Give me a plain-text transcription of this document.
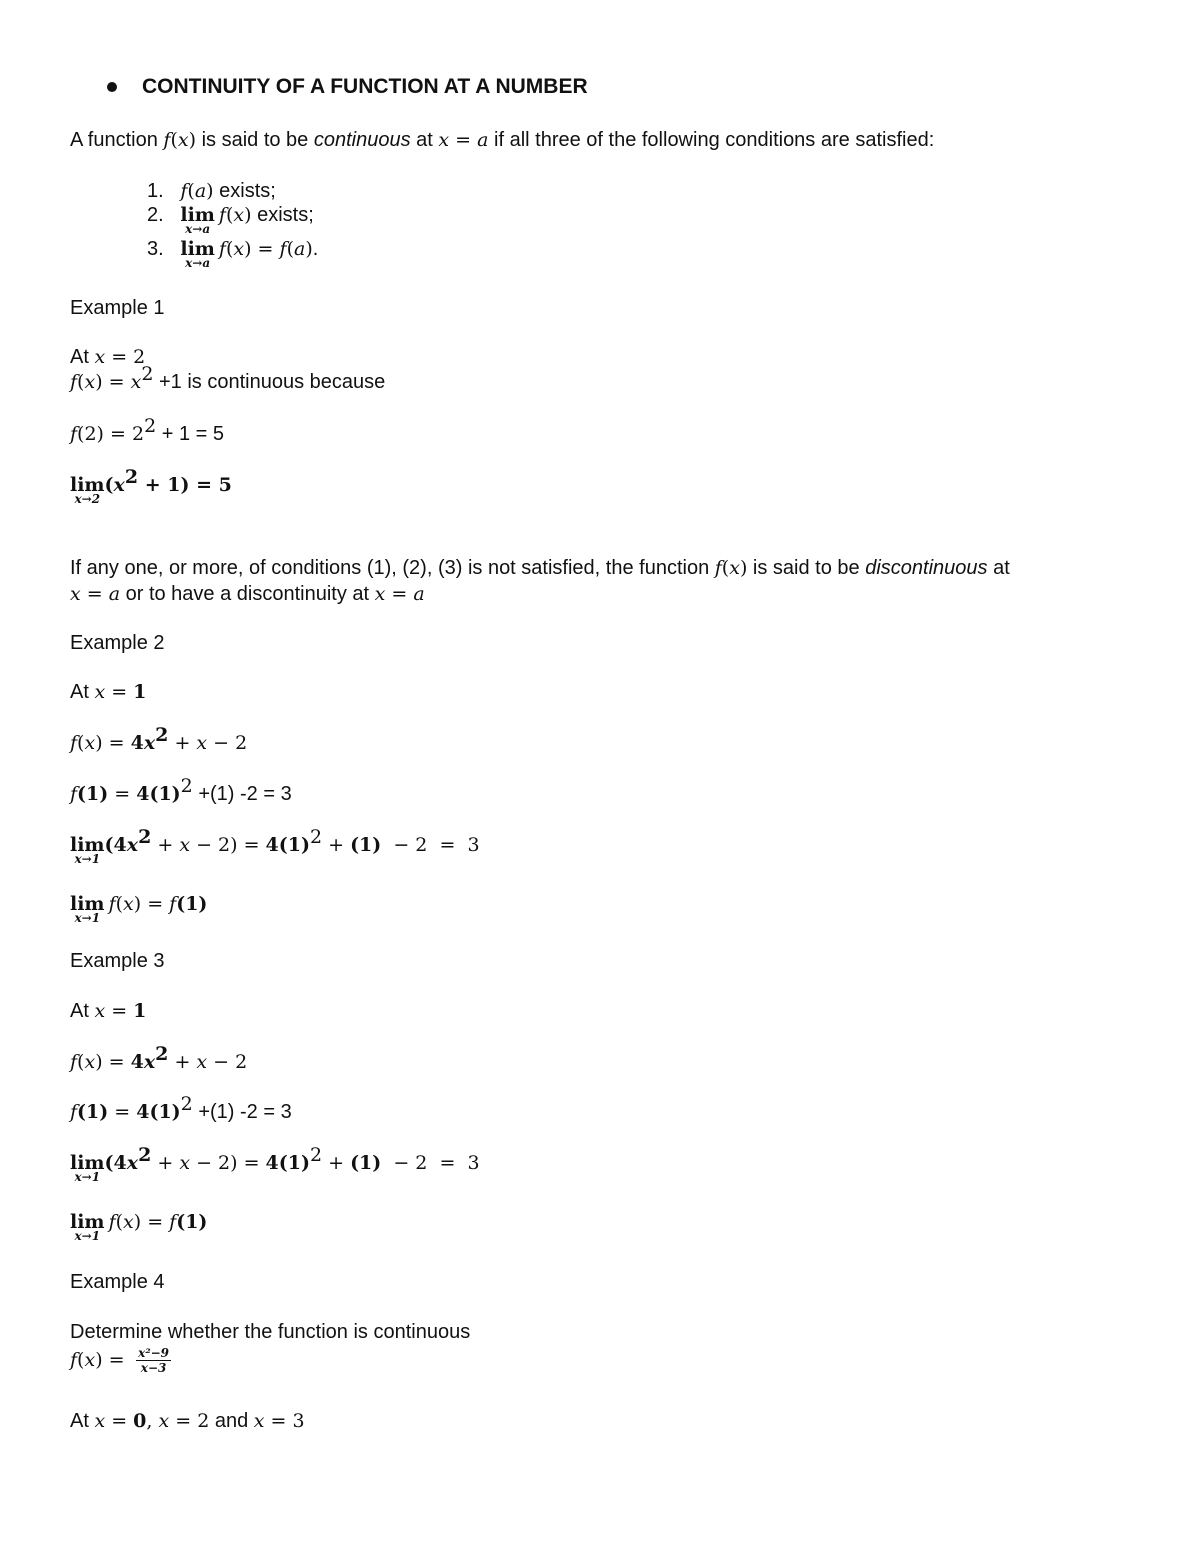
CONTINUITY OF A FUNCTION AT A NUMBER
A function f(x) is said to be continuous at x = a if all three of the following conditions are satisfied:
1. f(a) exists;
2. lim
x→a
 f(x) exists;
3. lim
x→a
 f(x) = f(a).
Example 1
At x = 2
$f(x) = x^2 +1$ is continuous because
$f(2) = 2^2 + 1 = 5$
lim
x→2
$(x^2 + 1) = 5$
If any one, or more, of conditions (1), (2), (3) is not satisfied, the function f(x) is said to be discontinuous at
x = a or to have a discontinuity at x = a
Example 2
At x = 1
$f(x) = 4x^2 + x - 2$
$f(1) = 4(1)^2 +(1) -2 = 3$
lim
x→1
$(4x^2 + x - 2) = 4(1)^2 + (1) - 2 = 3$
lim
x→1
 f(x) = f(1)
Example 3
At x = 1
$f(x) = 4x^2 + x - 2$
$f(1) = 4(1)^2 +(1) -2 = 3$
lim
x→1
$(4x^2 + x - 2) = 4(1)^2 + (1) - 2 = 3$
lim
x→1
 f(x) = f(1)
Example 4
Determine whether the function is continuous
$f(x) = \frac{\text{x²−9}}{x-3}$
At x = 0, x = 2 and x = 3
